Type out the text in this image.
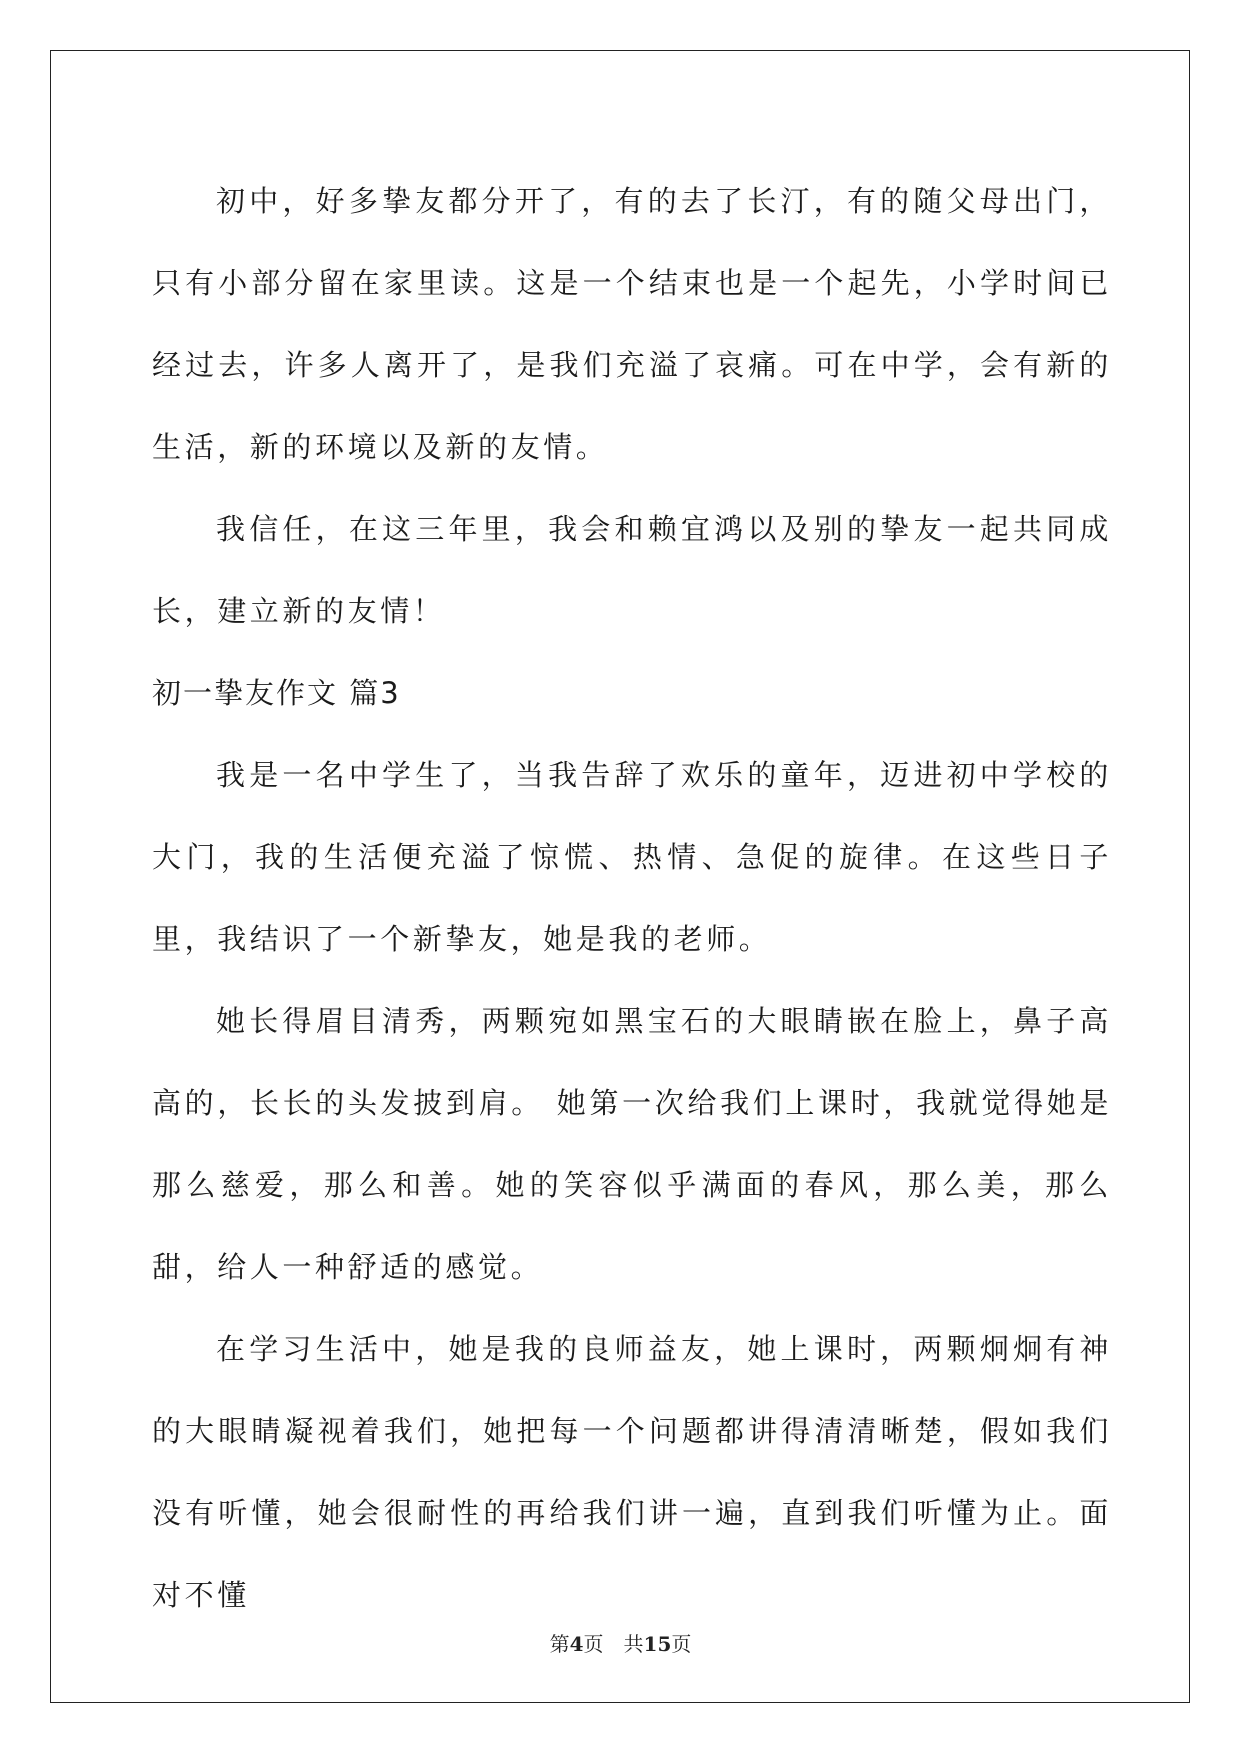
初中，好多挚友都分开了，有的去了长汀，有的随父母出门，只有小部分留在家里读。这是一个结束也是一个起先，小学时间已经过去，许多人离开了，是我们充溢了哀痛。可在中学，会有新的生活，新的环境以及新的友情。

我信任，在这三年里，我会和赖宜鸿以及别的挚友一起共同成长，建立新的友情！

初一挚友作文 篇3

我是一名中学生了，当我告辞了欢乐的童年，迈进初中学校的大门，我的生活便充溢了惊慌、热情、急促的旋律。在这些日子里，我结识了一个新挚友，她是我的老师。

她长得眉目清秀，两颗宛如黑宝石的大眼睛嵌在脸上，鼻子高高的，长长的头发披到肩。 她第一次给我们上课时，我就觉得她是那么慈爱，那么和善。她的笑容似乎满面的春风，那么美，那么甜，给人一种舒适的感觉。

在学习生活中，她是我的良师益友，她上课时，两颗炯炯有神的大眼睛凝视着我们，她把每一个问题都讲得清清晰楚，假如我们没有听懂，她会很耐性的再给我们讲一遍，直到我们听懂为止。面对不懂

第4页　共15页
